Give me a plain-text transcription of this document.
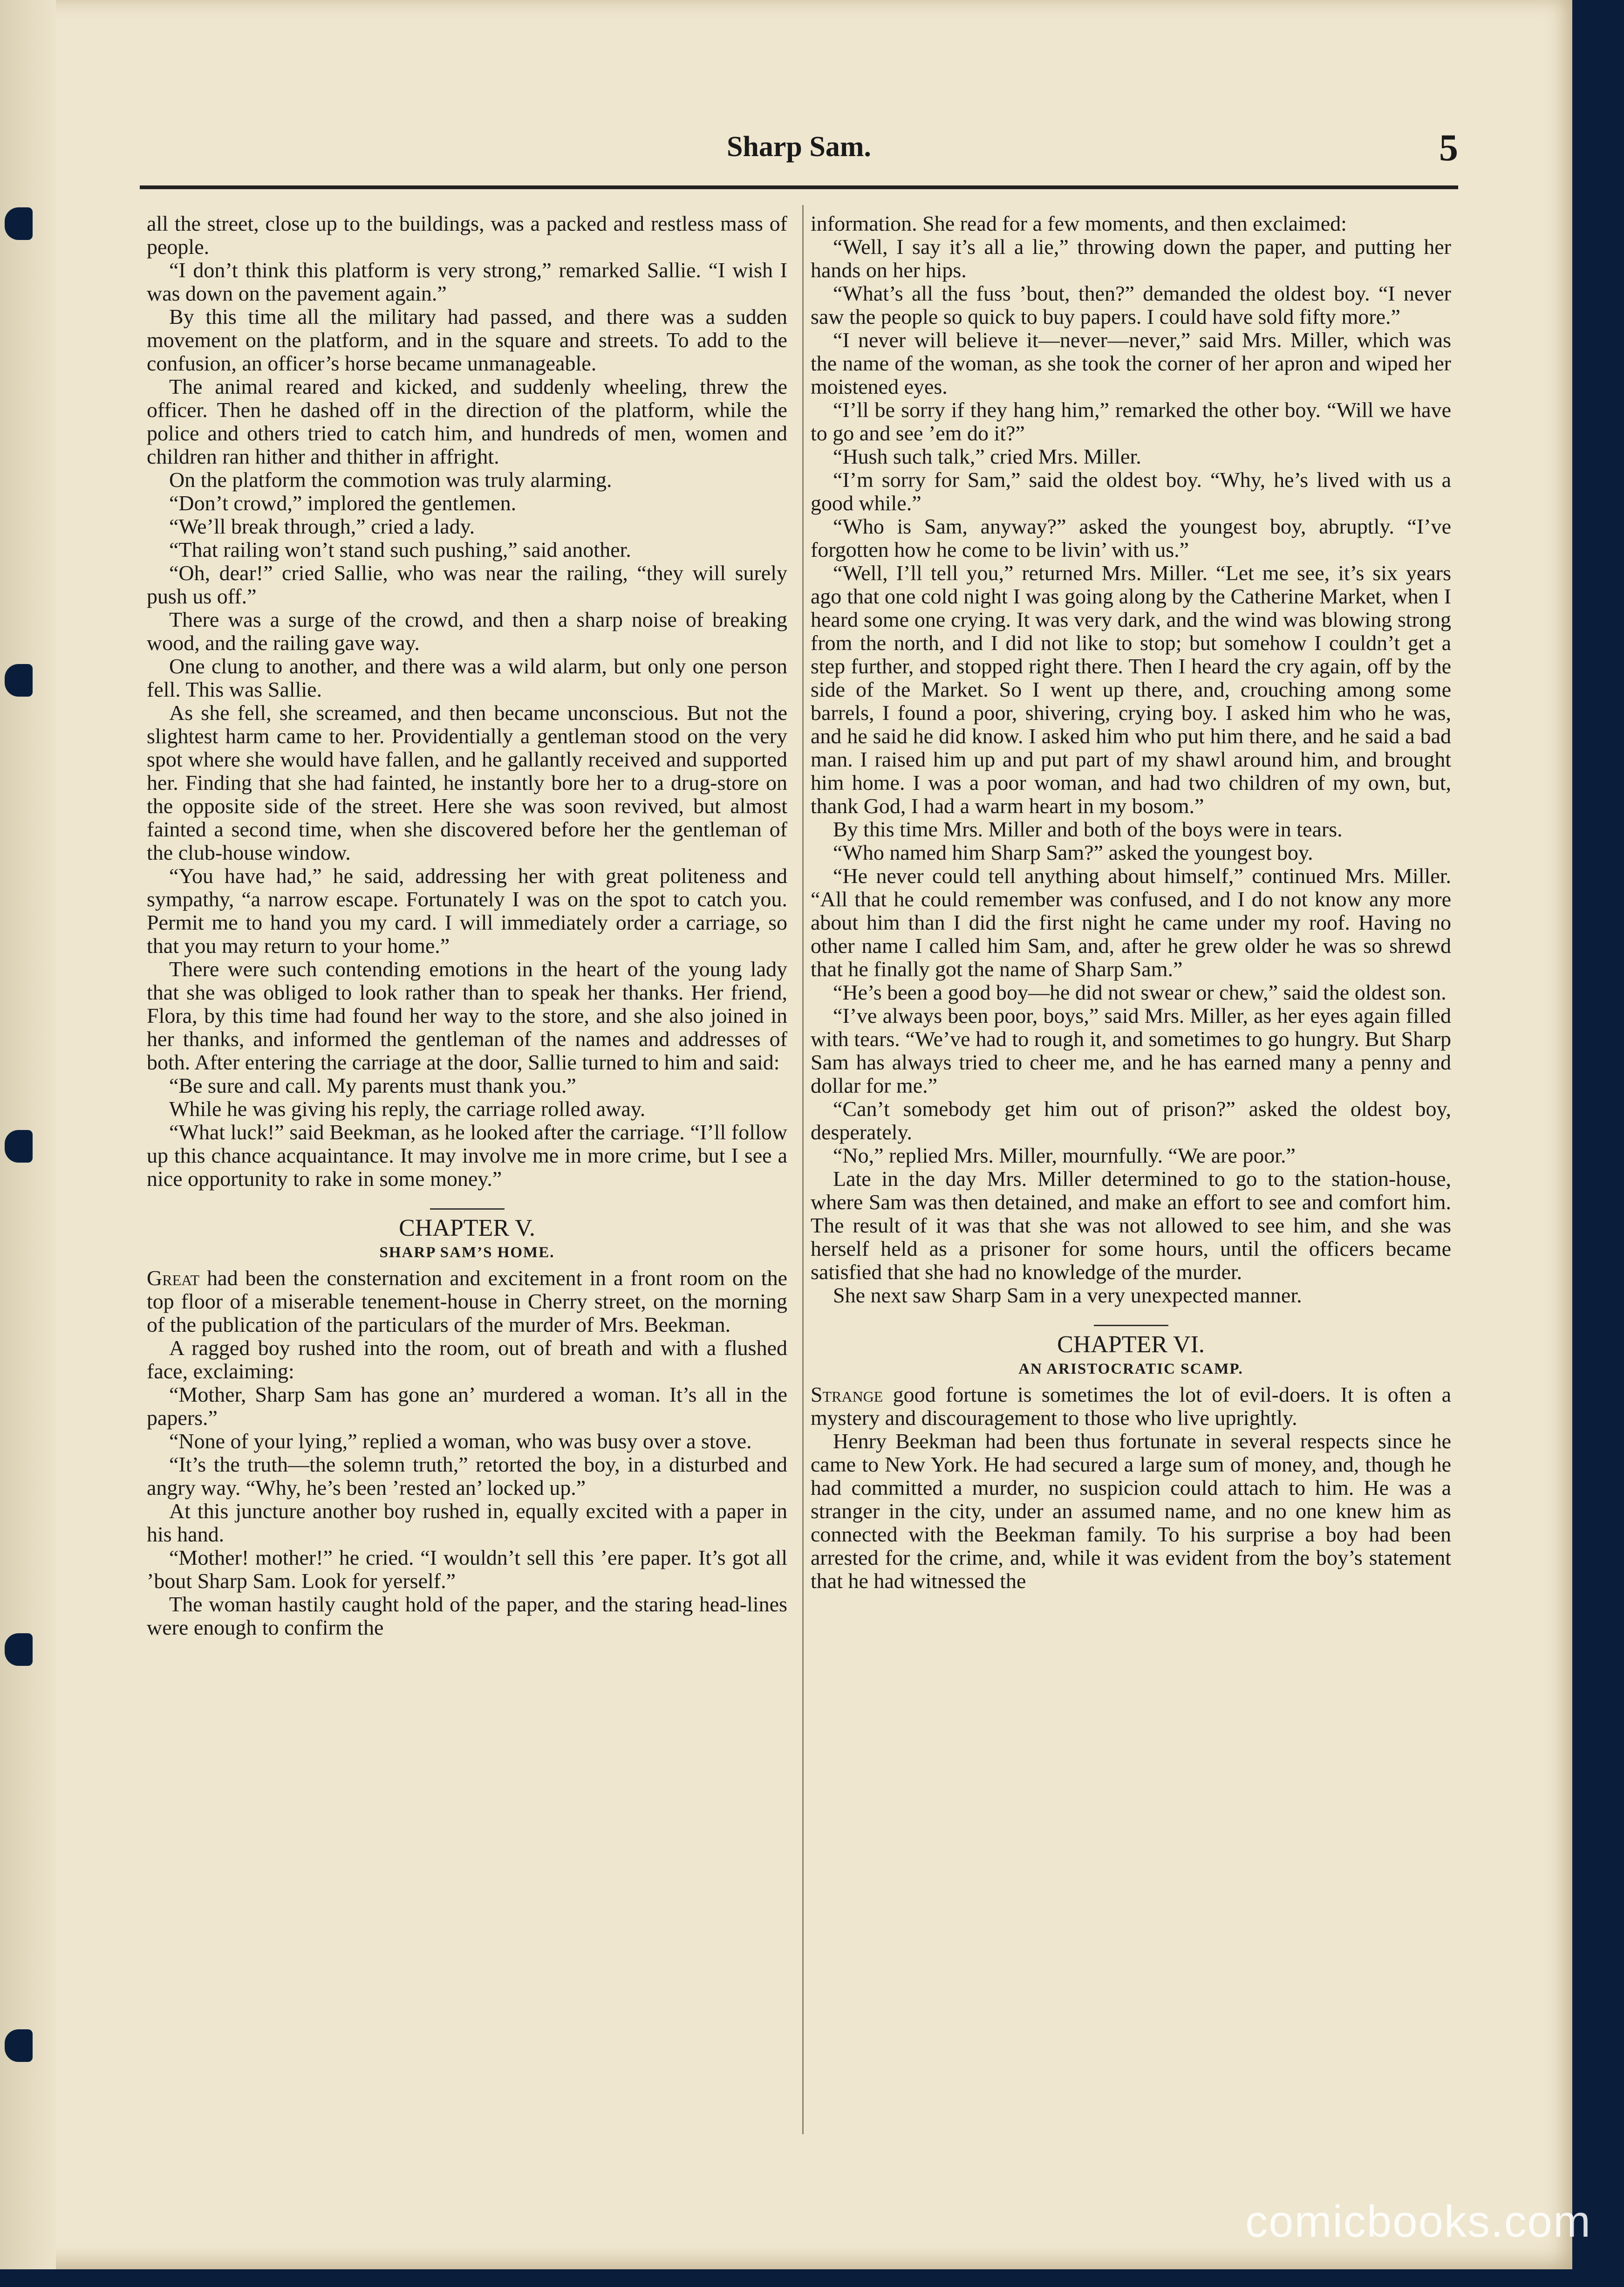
Sharp Sam.	5

all the street, close up to the buildings, was a packed and restless mass of people.

“I don’t think this platform is very strong,” remarked Sallie. “I wish I was down on the pavement again.”

By this time all the military had passed, and there was a sudden movement on the platform, and in the square and streets. To add to the confusion, an officer’s horse became unmanageable.

The animal reared and kicked, and suddenly wheeling, threw the officer. Then he dashed off in the direction of the platform, while the police and others tried to catch him, and hundreds of men, women and children ran hither and thither in affright.

On the platform the commotion was truly alarming.

“Don’t crowd,” implored the gentlemen.

“We’ll break through,” cried a lady.

“That railing won’t stand such pushing,” said another.

“Oh, dear!” cried Sallie, who was near the railing, “they will surely push us off.”

There was a surge of the crowd, and then a sharp noise of breaking wood, and the railing gave way.

One clung to another, and there was a wild alarm, but only one person fell. This was Sallie.

As she fell, she screamed, and then became unconscious. But not the slightest harm came to her. Providentially a gentleman stood on the very spot where she would have fallen, and he gallantly received and supported her. Finding that she had fainted, he instantly bore her to a drug-store on the opposite side of the street. Here she was soon revived, but almost fainted a second time, when she discovered before her the gentleman of the club-house window.

“You have had,” he said, addressing her with great politeness and sympathy, “a narrow escape. Fortunately I was on the spot to catch you. Permit me to hand you my card. I will immediately order a carriage, so that you may return to your home.”

There were such contending emotions in the heart of the young lady that she was obliged to look rather than to speak her thanks. Her friend, Flora, by this time had found her way to the store, and she also joined in her thanks, and informed the gentleman of the names and addresses of both. After entering the carriage at the door, Sallie turned to him and said:

“Be sure and call. My parents must thank you.”

While he was giving his reply, the carriage rolled away.

“What luck!” said Beekman, as he looked after the carriage. “I’ll follow up this chance acquaintance. It may involve me in more crime, but I see a nice opportunity to rake in some money.”

CHAPTER V.
SHARP SAM’S HOME.

Great had been the consternation and excitement in a front room on the top floor of a miserable tenement-house in Cherry street, on the morning of the publication of the particulars of the murder of Mrs. Beekman.

A ragged boy rushed into the room, out of breath and with a flushed face, exclaiming:

“Mother, Sharp Sam has gone an’ murdered a woman. It’s all in the papers.”

“None of your lying,” replied a woman, who was busy over a stove.

“It’s the truth—the solemn truth,” retorted the boy, in a disturbed and angry way. “Why, he’s been ’rested an’ locked up.”

At this juncture another boy rushed in, equally excited with a paper in his hand.

“Mother! mother!” he cried. “I wouldn’t sell this ’ere paper. It’s got all ’bout Sharp Sam. Look for yerself.”

The woman hastily caught hold of the paper, and the staring head-lines were enough to confirm the

information. She read for a few moments, and then exclaimed:

“Well, I say it’s all a lie,” throwing down the paper, and putting her hands on her hips.

“What’s all the fuss ’bout, then?” demanded the oldest boy. “I never saw the people so quick to buy papers. I could have sold fifty more.”

“I never will believe it—never—never,” said Mrs. Miller, which was the name of the woman, as she took the corner of her apron and wiped her moistened eyes.

“I’ll be sorry if they hang him,” remarked the other boy. “Will we have to go and see ’em do it?”

“Hush such talk,” cried Mrs. Miller.

“I’m sorry for Sam,” said the oldest boy. “Why, he’s lived with us a good while.”

“Who is Sam, anyway?” asked the youngest boy, abruptly. “I’ve forgotten how he come to be livin’ with us.”

“Well, I’ll tell you,” returned Mrs. Miller. “Let me see, it’s six years ago that one cold night I was going along by the Catherine Market, when I heard some one crying. It was very dark, and the wind was blowing strong from the north, and I did not like to stop; but somehow I couldn’t get a step further, and stopped right there. Then I heard the cry again, off by the side of the Market. So I went up there, and, crouching among some barrels, I found a poor, shivering, crying boy. I asked him who he was, and he said he did know. I asked him who put him there, and he said a bad man. I raised him up and put part of my shawl around him, and brought him home. I was a poor woman, and had two children of my own, but, thank God, I had a warm heart in my bosom.”

By this time Mrs. Miller and both of the boys were in tears.

“Who named him Sharp Sam?” asked the youngest boy.

“He never could tell anything about himself,” continued Mrs. Miller. “All that he could remember was confused, and I do not know any more about him than I did the first night he came under my roof. Having no other name I called him Sam, and, after he grew older he was so shrewd that he finally got the name of Sharp Sam.”

“He’s been a good boy—he did not swear or chew,” said the oldest son.

“I’ve always been poor, boys,” said Mrs. Miller, as her eyes again filled with tears. “We’ve had to rough it, and sometimes to go hungry. But Sharp Sam has always tried to cheer me, and he has earned many a penny and dollar for me.”

“Can’t somebody get him out of prison?” asked the oldest boy, desperately.

“No,” replied Mrs. Miller, mournfully. “We are poor.”

Late in the day Mrs. Miller determined to go to the station-house, where Sam was then detained, and make an effort to see and comfort him. The result of it was that she was not allowed to see him, and she was herself held as a prisoner for some hours, until the officers became satisfied that she had no knowledge of the murder.

She next saw Sharp Sam in a very unexpected manner.

CHAPTER VI.
AN ARISTOCRATIC SCAMP.

Strange good fortune is sometimes the lot of evil-doers. It is often a mystery and discouragement to those who live uprightly.

Henry Beekman had been thus fortunate in several respects since he came to New York. He had secured a large sum of money, and, though he had committed a murder, no suspicion could attach to him. He was a stranger in the city, under an assumed name, and no one knew him as connected with the Beekman family. To his surprise a boy had been arrested for the crime, and, while it was evident from the boy’s statement that he had witnessed the

comicbooks.com
